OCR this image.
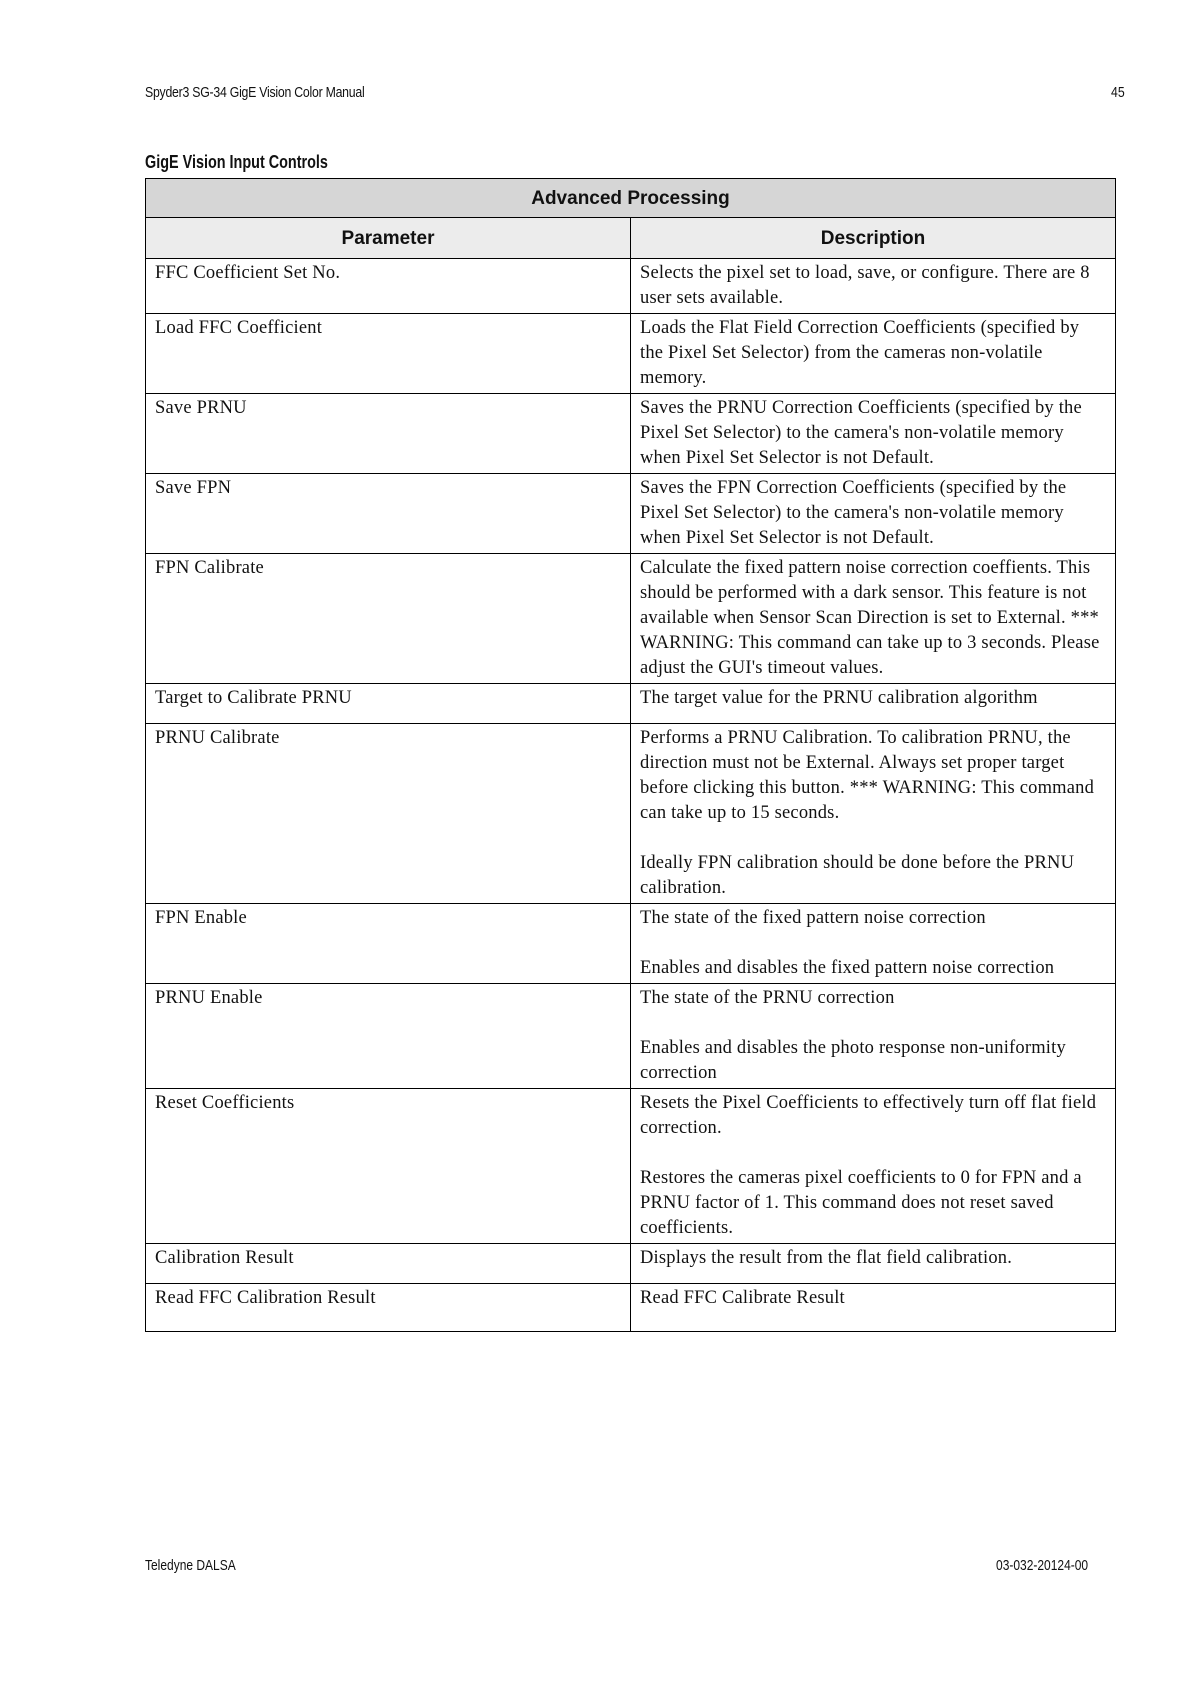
Spyder3 SG-34 GigE Vision Color Manual	45
GigE Vision Input Controls
Advanced Processing	
Parameter	Description
FFC Coefficient Set No.	Selects the pixel set to load, save, or configure. There are 8 user sets available.

Load FFC Coefficient	Loads the Flat Field Correction Coefficients (specified by the Pixel Set Selector) from the cameras non-volatile memory.

Save PRNU	Saves the PRNU Correction Coefficients (specified by the Pixel Set Selector) to the camera's non-volatile memory when Pixel Set Selector is not Default.

Save FPN	Saves the FPN Correction Coefficients (specified by the Pixel Set Selector) to the camera's non-volatile memory when Pixel Set Selector is not Default.

FPN Calibrate	Calculate the fixed pattern noise correction coeffients. This should be performed with a dark sensor. This feature is not available when Sensor Scan Direction is set to External. *** WARNING: This command can take up to 3 seconds. Please adjust the GUI's timeout values.

Target to Calibrate PRNU	The target value for the PRNU calibration algorithm

PRNU Calibrate	Performs a PRNU Calibration. To calibration PRNU, the direction must not be External. Always set proper target before clicking this button. *** WARNING: This command can take up to 15 seconds.
Ideally FPN calibration should be done before the PRNU calibration.

FPN Enable	The state of the fixed pattern noise correction
Enables and disables the fixed pattern noise correction

PRNU Enable	The state of the PRNU correction
Enables and disables the photo response non-uniformity correction

Reset Coefficients	Resets the Pixel Coefficients to effectively turn off flat field correction.
Restores the cameras pixel coefficients to 0 for FPN and a PRNU factor of 1. This command does not reset saved coefficients.

Calibration Result	Displays the result from the flat field calibration.

Read FFC Calibration Result	Read FFC Calibrate Result
Teledyne DALSA	03-032-20124-00
